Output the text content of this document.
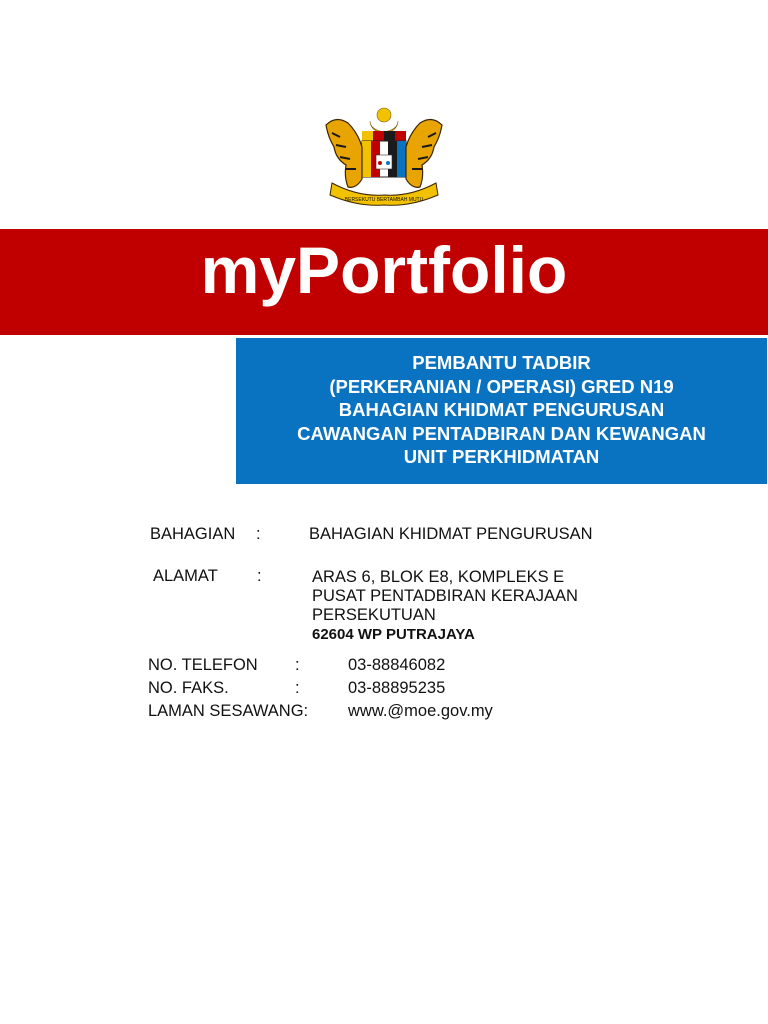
BERSEKUTU BERTAMBAH MUTU
myPortfolio
PEMBANTU TADBIR
(PERKERANIAN / OPERASI) GRED N19
BAHAGIAN KHIDMAT PENGURUSAN
CAWANGAN PENTADBIRAN DAN KEWANGAN
UNIT PERKHIDMATAN
BAHAGIAN :	BAHAGIAN KHIDMAT PENGURUSAN
ALAMAT :	ARAS 6, BLOK E8, KOMPLEKS E
PUSAT PENTADBIRAN KERAJAAN
PERSEKUTUAN
62604 WP PUTRAJAYA
NO. TELEFON :	03-88846082
NO. FAKS.	:	03-88895235
LAMAN SESAWANG: www.@moe.gov.my
